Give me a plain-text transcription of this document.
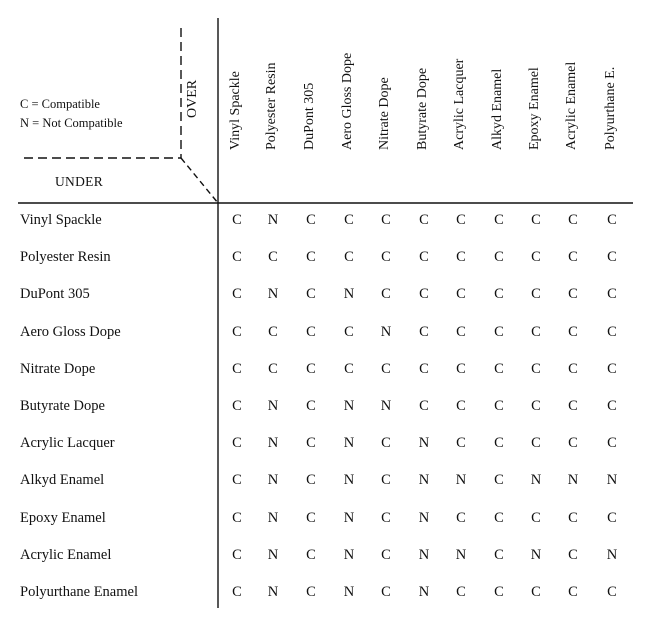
C = Compatible
N = Not Compatible
UNDER
OVER Vinyl Spackle Polyester Resin DuPont 305 Aero Gloss Dope Nitrate Dope Butyrate Dope Acrylic Lacquer Alkyd Enamel Epoxy Enamel Acrylic Enamel Polyurthane E.
Vinyl Spackle
Polyester Resin
DuPont 305
Aero Gloss Dope
Nitrate Dope
Butyrate Dope
Acrylic Lacquer
Alkyd Enamel
Epoxy Enamel
Acrylic Enamel
Polyurthane Enamel
C N C C C C C C C C C
C C C C C C C C C C C
C N C N C C C C C C C
C C C C N C C C C C C
C C C C C C C C C C C
C N C N N C C C C C C
C N C N C N C C C C C
C N C N C N N C N N N
C N C N C N C C C C C
C N C N C N N C N C N
C N C N C N C C C C C
